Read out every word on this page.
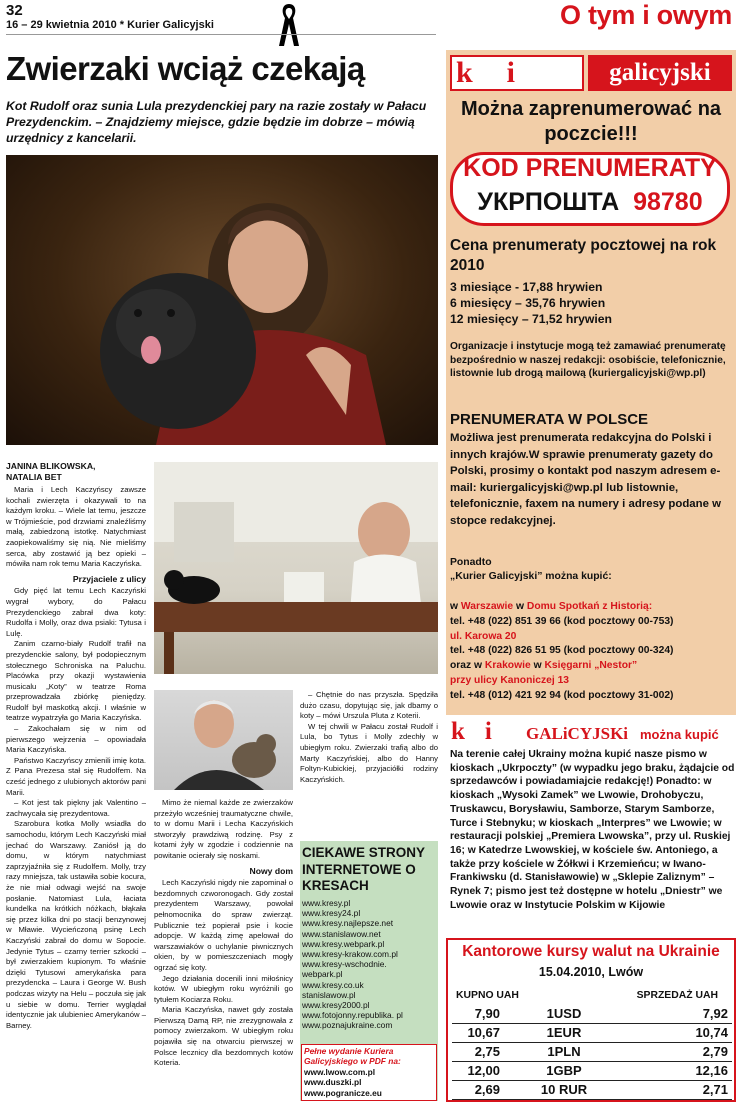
32
16 – 29 kwietnia 2010 * Kurier Galicyjski	O tym i owym
Zwierzaki wciąż czekają
Kot Rudolf oraz sunia Lula prezydenckiej pary na razie zostały w Pałacu Prezydenckim. – Znajdziemy miejsce, gdzie będzie im dobrze – mówią urzędnicy z kancelarii.
JANINA BLIKOWSKA,
NATALIA BET

Maria i Lech Kaczyńscy zawsze kochali zwierzęta i okazywali to na każdym kroku. – Wiele lat temu, jeszcze w Trójmieście, pod drzwiami znaleźliśmy małą, zabiedzoną istotkę. Natychmiast zaopiekowaliśmy się nią. Nie mieliśmy serca, aby zostawić ją bez opieki – mówiła nam rok temu Maria Kaczyńska.

Przyjaciele z ulicy

Gdy pięć lat temu Lech Kaczyński wygrał wybory, do Pałacu Prezydenckiego zabrał dwa koty: Rudolfa i Molly, oraz dwa psiaki: Tytusa i Lulę.

Zanim czarno-biały Rudolf trafił na prezydenckie salony, był podopiecznym stołecznego Schroniska na Paluchu. Placówka przy okazji wystawienia musicalu „Koty” w teatrze Roma przeprowadzała zbiórkę pieniędzy. Rudolf był maskotką akcji. I właśnie w teatrze wypatrzyła go Maria Kaczyńska.

– Zakochałam się w nim od pierwszego wejrzenia – opowiadała Maria Kaczyńska.

Państwo Kaczyńscy zmienili imię kota. Z Pana Prezesa stał się Rudolfem. Na cześć jednego z ulubionych aktorów pani Marii.

– Kot jest tak piękny jak Valentino – zachwycała się prezydentowa.

Szarobura kotka Molly wsiadła do samochodu, którym Lech Kaczyński miał jechać do Warszawy. Zaniósł ją do domu, w którym natychmiast zaprzyjaźniła się z Rudolfem. Molly, trzy razy mniejsza, tak ustawiła sobie kocura, że nie miał odwagi wejść na swoje posłanie. Natomiast Lula, łaciata kundelka na krótkich nóżkach, błąkała się przez kilka dni po stacji benzynowej w Mławie. Wycieńczoną psinę Lech Kaczyński zabrał do domu w Sopocie. Jedynie Tytus – czarny terrier szkocki – był zwierzakiem kupionym. To właśnie dzięki Tytusowi amerykańska para prezydencka – Laura i George W. Bush podczas wizyty na Helu – poczuła się jak u siebie w domu. Terrier wyglądał identycznie jak ulubieniec Amerykanów – Barney.

Mimo że niemal każde ze zwierzaków przeżyło wcześniej traumatyczne chwile, to w domu Marii i Lecha Kaczyńskich stworzyły prawdziwą rodzinę. Psy z kotami żyły w zgodzie i codziennie na powitanie ocierały się noskami.

Nowy dom

Lech Kaczyński nigdy nie zapominał o bezdomnych czworonogach. Gdy został prezydentem Warszawy, powołał pełnomocnika do spraw zwierząt. Publicznie też popierał psie i kocie adopcje. W każdą zimę apelował do warszawiaków o uchylanie piwnicznych okien, by w pomieszczeniach mogły ogrzać się koty.

Jego działania docenili inni miłośnicy kotów. W ubiegłym roku wyróżnili go tytułem Kociarza Roku.

Maria Kaczyńska, nawet gdy została Pierwszą Damą RP, nie zrezygnowała z pomocy zwierzakom. W ubiegłym roku pojawiła się na otwarciu pierwszej w Polsce lecznicy dla bezdomnych kotów Koteria.

– Chętnie do nas przyszła. Spędziła dużo czasu, dopytując się, jak dbamy o koty – mówi Urszula Pluta z Koterii.

W tej chwili w Pałacu został Rudolf i Lula, bo Tytus i Molly zdechły w ubiegłym roku. Zwierzaki trafią albo do Marty Kaczyńskiej, albo do Hanny Foltyn-Kubickiej, przyjaciółki rodziny Kaczyńskich.

CIEKAWE STRONY INTERNETOWE O KRESACH
www.kresy.pl
www.kresy24.pl
www.kresy.najlepsze.net
www.stanislawow.net
www.kresy.webpark.pl
www.kresy-krakow.com.pl
www.kresy-wschodnie.
webpark.pl
www.kresy.co.uk
stanislawow.pl
www.kresy2000.pl
www.fotojonny.republika. pl
www.poznajukraine.com
Pełne wydanie Kuriera Galicyjskiego w PDF na:
www.lwow.com.pl
www.duszki.pl
www.pogranicze.eu
ki	galicyjski
Można zaprenumerować na poczcie!!!
KOD PRENUMERATY
УКРПОШТА 98780
Cena prenumeraty pocztowej na rok 2010
3 miesiące - 17,88 hrywien
6 miesięcy – 35,76 hrywien
12 miesięcy – 71,52 hrywien
Organizacje i instytucje mogą też zamawiać prenumeratę bezpośrednio w naszej redakcji: osobiście, telefonicznie, listownie lub drogą mailową (kuriergalicyjski@wp.pl)
PRENUMERATA W POLSCE
Możliwa jest prenumerata redakcyjna do Polski i innych krajów.W sprawie prenumeraty gazety do Polski, prosimy o kontakt pod naszym adresem e-mail: kuriergalicyjski@wp.pl lub listownie, telefonicznie, faxem na numery i adresy podane w stopce redakcyjnej.
Ponadto
„Kurier Galicyjski” można kupić:
w Warszawie w Domu Spotkań z Historią:
tel. +48 (022) 851 39 66 (kod pocztowy 00-753)
ul. Karowa 20
tel. +48 (022) 826 51 95 (kod pocztowy 00-324)
oraz w Krakowie w Księgarni „Nestor”
przy ulicy Kanoniczej 13
tel. +48 (012) 421 92 94 (kod pocztowy 31-002)
ki GALiCYJSKi można kupić
Na terenie całej Ukrainy można kupić nasze pismo w kioskach „Ukrpoczty” (w wypadku jego braku, żądajcie od sprzedawców i powiadamiajcie redakcję!) Ponadto: w kioskach „Wysoki Zamek” we Lwowie, Drohobyczu, Truskawcu, Borysławiu, Samborze, Starym Samborze, Turce i Stebnyku; w kioskach „Interpres” we Lwowie; w restauracji polskiej „Premiera Lwowska”, przy ul. Ruskiej 16; w Katedrze Lwowskiej, w kościele św. Antoniego, a także przy kościele w Żółkwi i Krzemieńcu; w Iwano-Frankiwsku (d. Stanisławowie) w „Sklepie Zaliznym” – Rynek 7; pismo jest też dostępne w hotelu „Dniestr” we Lwowie oraz w Instytucie Polskim w Kijowie
Kantorowe kursy walut na Ukrainie
15.04.2010, Lwów
KUPNO UAH	SPRZEDAŻ UAH
7,90	1USD	7,92
10,67	1EUR	10,74
2,75	1PLN	2,79
12,00	1GBP	12,16
2,69	10 RUR	2,71
